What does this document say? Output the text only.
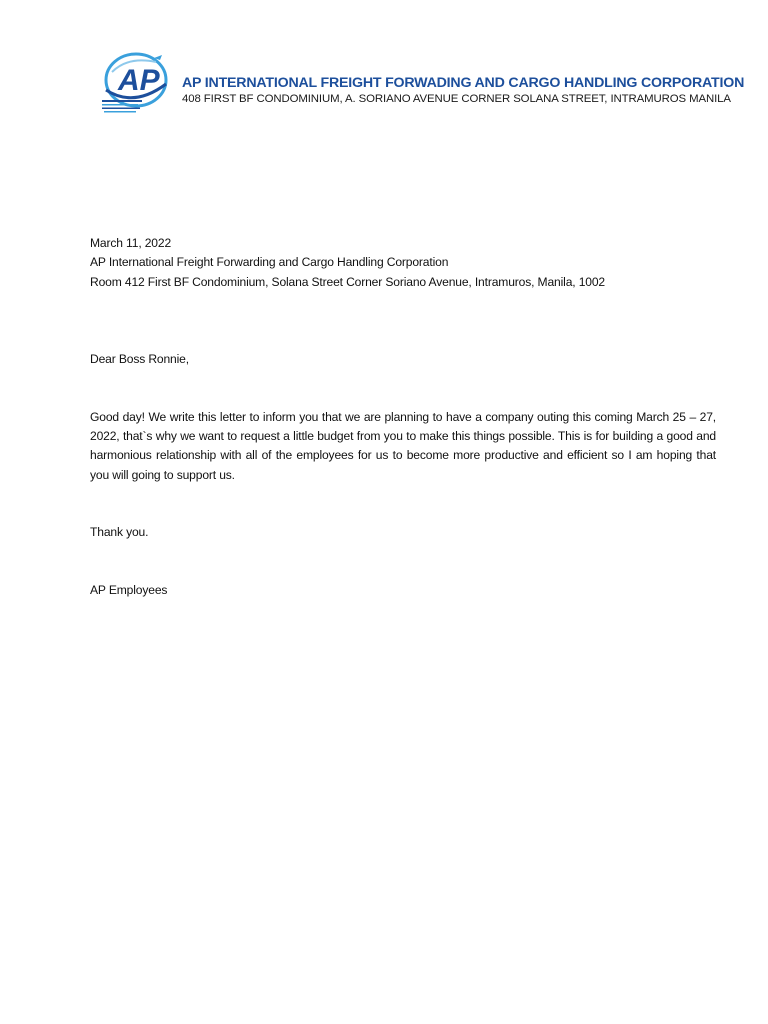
AP AP INTERNATIONAL FREIGHT FORWADING AND CARGO HANDLING CORPORATION
408 FIRST BF CONDOMINIUM, A. SORIANO AVENUE CORNER SOLANA STREET, INTRAMUROS MANILA

March 11, 2022

AP International Freight Forwarding and Cargo Handling Corporation

Room 412 First BF Condominium, Solana Street Corner Soriano Avenue, Intramuros, Manila, 1002

Dear Boss Ronnie,

Good day! We write this letter to inform you that we are planning to have a company outing this coming March 25 – 27, 2022, that`s why we want to request a little budget from you to make this things possible. This is for building a good and harmonious relationship with all of the employees for us to become more productive and efficient so I am hoping that you will going to support us.

Thank you.

AP Employees
